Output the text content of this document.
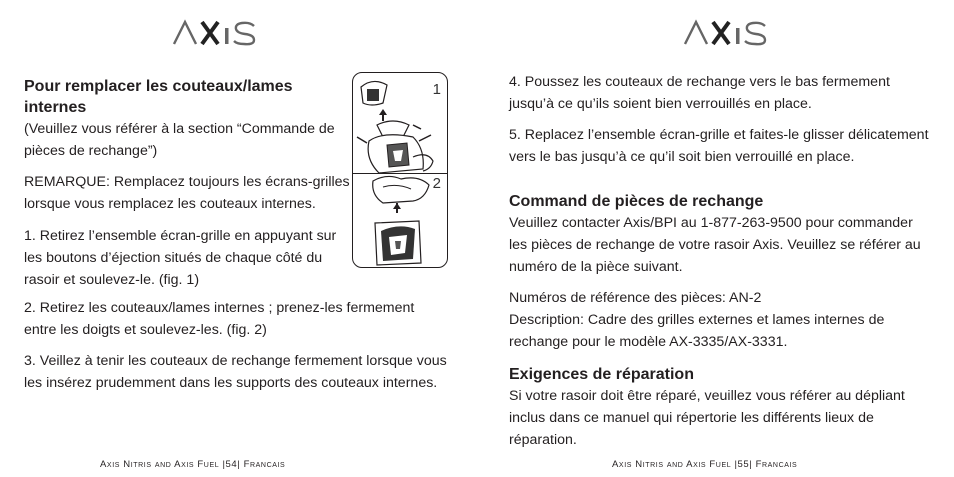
Pour remplacer les couteaux/lames internes

(Veuillez vous référer à la section “Commande de pièces de rechange”)

REMARQUE: Remplacez toujours les écrans-grilles lorsque vous remplacez les couteaux internes.

1. Retirez l’ensemble écran-grille en appuyant sur les boutons d’éjection situés de chaque côté du rasoir et soulevez-le. (fig. 1)

2. Retirez les couteaux/lames internes ; prenez-les fermement entre les doigts et soulevez-les. (fig. 2)

3. Veillez à tenir les couteaux de rechange fermement lorsque vous les insérez prudemment dans les supports des couteaux internes.

1
2

4. Poussez les couteaux de rechange vers le bas fermement jusqu’à ce qu’ils soient bien verrouillés en place.

5. Replacez l’ensemble écran-grille et faites-le glisser délicatement vers le bas jusqu’à ce qu’il soit bien verrouillé en place.

Command de pièces de rechange

Veuillez contacter Axis/BPI au 1-877-263-9500 pour commander les pièces de rechange de votre rasoir Axis. Veuillez se référer au numéro de la pièce suivant.

Numéros de référence des pièces: AN-2

Description: Cadre des grilles externes et lames internes de rechange pour le modèle AX-3335/AX-3331.

Exigences de réparation

Si votre rasoir doit être réparé, veuillez vous référer au dépliant inclus dans ce manuel qui répertorie les différents lieux de réparation.

Axis Nitris and Axis Fuel |54| Francais	Axis Nitris and Axis Fuel |55| Francais
